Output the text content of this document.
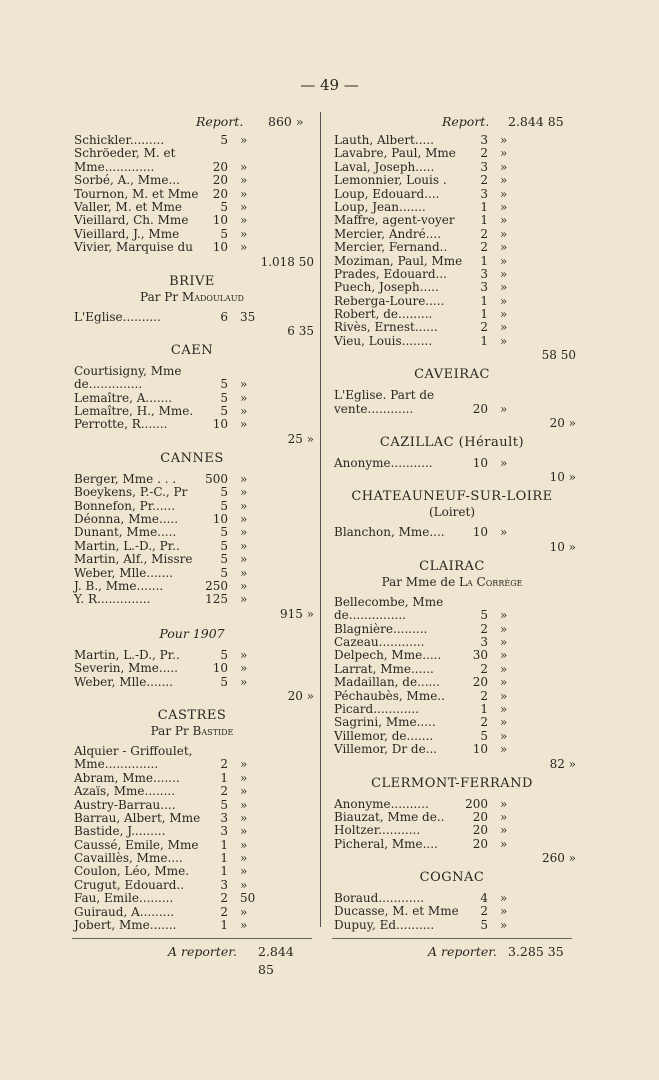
— 49 —
Report. 860 »
Schickler.........	5 »
Schröeder, M. et
Mme.............	20 »
Sorbé, A., Mme...	20 »
Tournon, M. et Mme	20 »
Valler, M. et Mme	5 »
Vieillard, Ch. Mme	10 »
Vieillard, J., Mme	5 »
Vivier, Marquise du	10 »
1.018 50
BRIVE
Par Pr Madoulaud
L'Eglise..........	6 35
6 35
CAEN
Courtisigny, Mme
de..............	5 »
Lemaître, A.......	5 »
Lemaître, H., Mme.	5 »
Perrotte, R.......	10 »
25 »
CANNES
Berger, Mme . . .	500 »
Boeykens, P.-C., Pr	5 »
Bonnefon, Pr......	5 »
Déonna, Mme.....	10 »
Dunant, Mme.....	5 »
Martin, L.-D., Pr..	5 »
Martin, Alf., Missre	5 »
Weber, Mlle.......	5 »
J. B., Mme.......	250 »
Y. R..............	125 »
915 »
Pour 1907
Martin, L.-D., Pr..	5 »
Severin, Mme.....	10 »
Weber, Mlle.......	5 »
20 »
CASTRES
Par Pr Bastide
Alquier - Griffoulet,
Mme..............	2 »
Abram, Mme.......	1 »
Azaïs, Mme........	2 »
Austry-Barrau....	5 »
Barrau, Albert, Mme	3 »
Bastide, J.........	3 »
Caussé, Emile, Mme	1 »
Cavaillès, Mme....	1 »
Coulon, Léo, Mme.	1 »
Crugut, Edouard..	3 »
Fau, Emile.........	2 50
Guiraud, A.........	2 »
Jobert, Mme.......	1 »
A reporter. 2.844 85
Report. 2.844 85
Lauth, Albert.....	3 »
Lavabre, Paul, Mme	2 »
Laval, Joseph.....	3 »
Lemonnier, Louis .	2 »
Loup, Edouard....	3 »
Loup, Jean.......	1 »
Maffre, agent-voyer	1 »
Mercier, André....	2 »
Mercier, Fernand..	2 »
Moziman, Paul, Mme	1 »
Prades, Edouard...	3 »
Puech, Joseph.....	3 »
Reberga-Loure.....	1 »
Robert, de.........	1 »
Rivès, Ernest......	2 »
Vieu, Louis........	1 »
58 50
CAVEIRAC
L'Eglise. Part de
vente............	20 »
20 »
CAZILLAC (Hérault)
Anonyme...........	10 »
10 »
CHATEAUNEUF-SUR-LOIRE
(Loiret)
Blanchon, Mme....	10 »
10 »
CLAIRAC
Par Mme de La Corrège
Bellecombe, Mme
de...............	5 »
Blagnière.........	2 »
Cazeau............	3 »
Delpech, Mme.....	30 »
Larrat, Mme......	2 »
Madaillan, de......	20 »
Péchaubès, Mme..	2 »
Picard............	1 »
Sagrini, Mme.....	2 »
Villemor, de.......	5 »
Villemor, Dr de...	10 »
82 »
CLERMONT-FERRAND
Anonyme..........	200 »
Biauzat, Mme de..	20 »
Holtzer...........	20 »
Picheral, Mme....	20 »
260 »
COGNAC
Boraud............	4 »
Ducasse, M. et Mme	2 »
Dupuy, Ed..........	5 »
A reporter. 3.285 35
